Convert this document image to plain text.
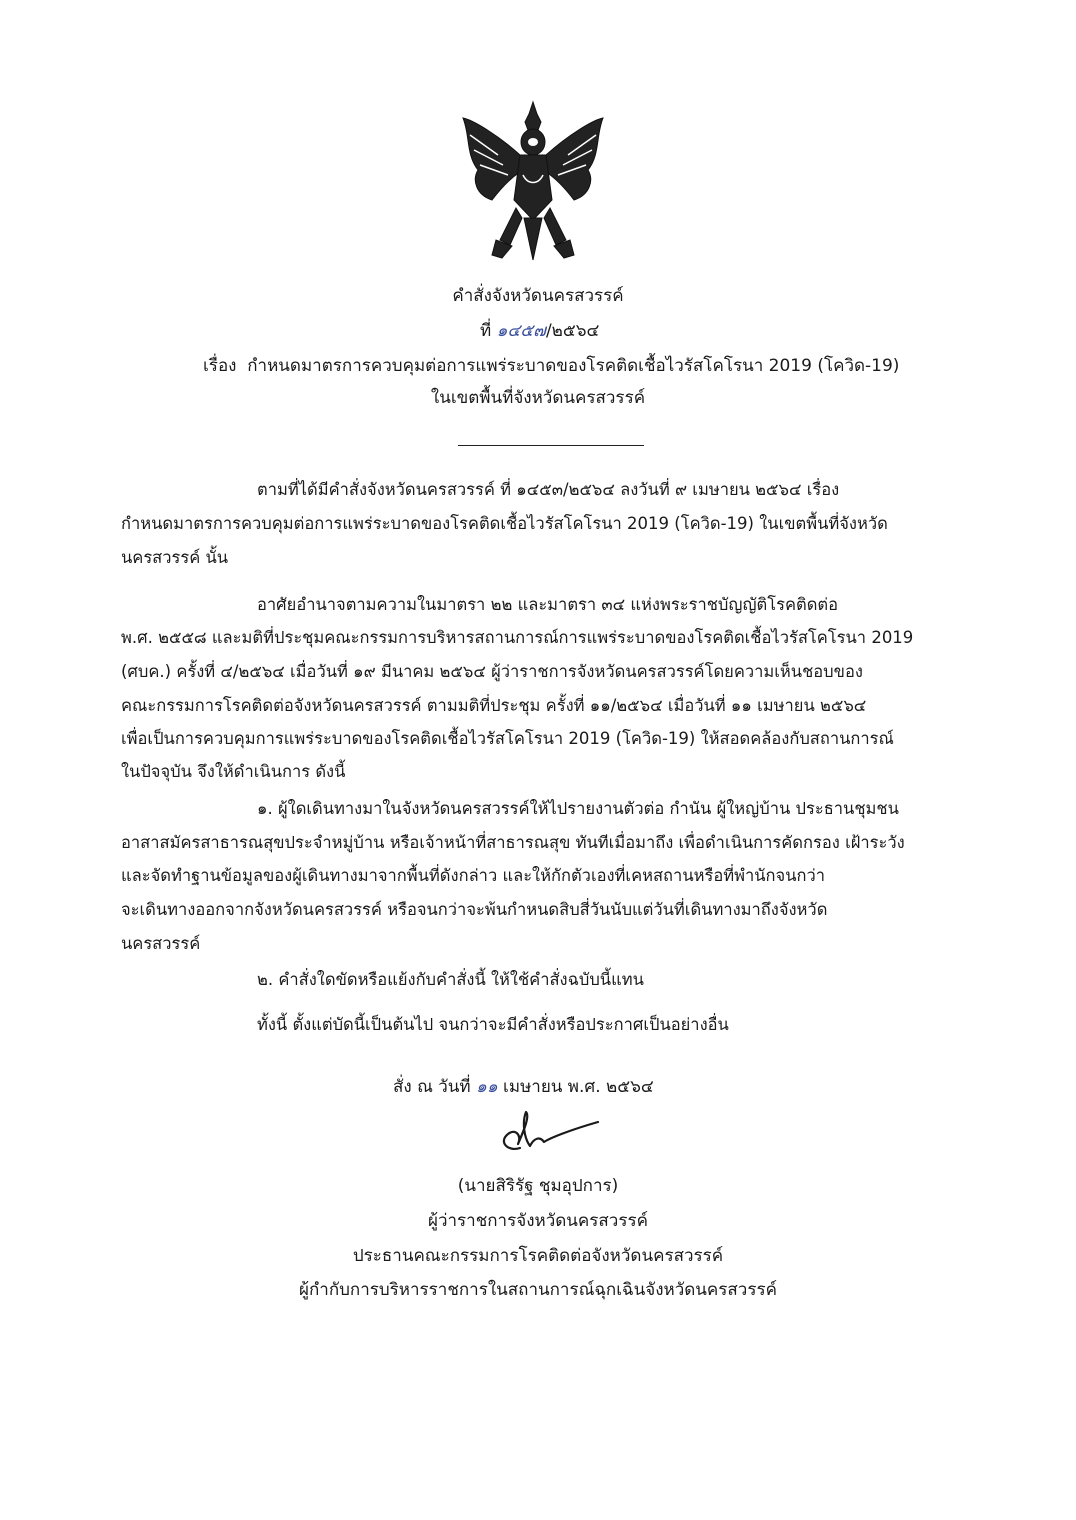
คำสั่งจังหวัดนครสวรรค์
ที่ ๑๔๕๗/๒๕๖๔
เรื่อง กำหนดมาตรการควบคุมต่อการแพร่ระบาดของโรคติดเชื้อไวรัสโคโรนา 2019 (โควิด-19)
ในเขตพื้นที่จังหวัดนครสวรรค์
ตามที่ได้มีคำสั่งจังหวัดนครสวรรค์ ที่ ๑๔๕๓/๒๕๖๔ ลงวันที่ ๙ เมษายน ๒๕๖๔ เรื่อง
กำหนดมาตรการควบคุมต่อการแพร่ระบาดของโรคติดเชื้อไวรัสโคโรนา 2019 (โควิด-19) ในเขตพื้นที่จังหวัด
นครสวรรค์ นั้น
อาศัยอำนาจตามความในมาตรา ๒๒ และมาตรา ๓๔ แห่งพระราชบัญญัติโรคติดต่อ
พ.ศ. ๒๕๕๘ และมติที่ประชุมคณะกรรมการบริหารสถานการณ์การแพร่ระบาดของโรคติดเชื้อไวรัสโคโรนา 2019
(ศบค.) ครั้งที่ ๔/๒๕๖๔ เมื่อวันที่ ๑๙ มีนาคม ๒๕๖๔ ผู้ว่าราชการจังหวัดนครสวรรค์โดยความเห็นชอบของ
คณะกรรมการโรคติดต่อจังหวัดนครสวรรค์ ตามมติที่ประชุม ครั้งที่ ๑๑/๒๕๖๔ เมื่อวันที่ ๑๑ เมษายน ๒๕๖๔
เพื่อเป็นการควบคุมการแพร่ระบาดของโรคติดเชื้อไวรัสโคโรนา 2019 (โควิด-19) ให้สอดคล้องกับสถานการณ์
ในปัจจุบัน จึงให้ดำเนินการ ดังนี้
๑. ผู้ใดเดินทางมาในจังหวัดนครสวรรค์ให้ไปรายงานตัวต่อ กำนัน ผู้ใหญ่บ้าน ประธานชุมชน
อาสาสมัครสาธารณสุขประจำหมู่บ้าน หรือเจ้าหน้าที่สาธารณสุข ทันทีเมื่อมาถึง เพื่อดำเนินการคัดกรอง เฝ้าระวัง
และจัดทำฐานข้อมูลของผู้เดินทางมาจากพื้นที่ดังกล่าว และให้กักตัวเองที่เคหสถานหรือที่พำนักจนกว่า
จะเดินทางออกจากจังหวัดนครสวรรค์ หรือจนกว่าจะพ้นกำหนดสิบสี่วันนับแต่วันที่เดินทางมาถึงจังหวัด
นครสวรรค์
๒. คำสั่งใดขัดหรือแย้งกับคำสั่งนี้ ให้ใช้คำสั่งฉบับนี้แทน
ทั้งนี้ ตั้งแต่บัดนี้เป็นต้นไป จนกว่าจะมีคำสั่งหรือประกาศเป็นอย่างอื่น
สั่ง ณ วันที่ ๑๑ เมษายน พ.ศ. ๒๕๖๔
(นายสิริรัฐ ชุมอุปการ)
ผู้ว่าราชการจังหวัดนครสวรรค์
ประธานคณะกรรมการโรคติดต่อจังหวัดนครสวรรค์
ผู้กำกับการบริหารราชการในสถานการณ์ฉุกเฉินจังหวัดนครสวรรค์
